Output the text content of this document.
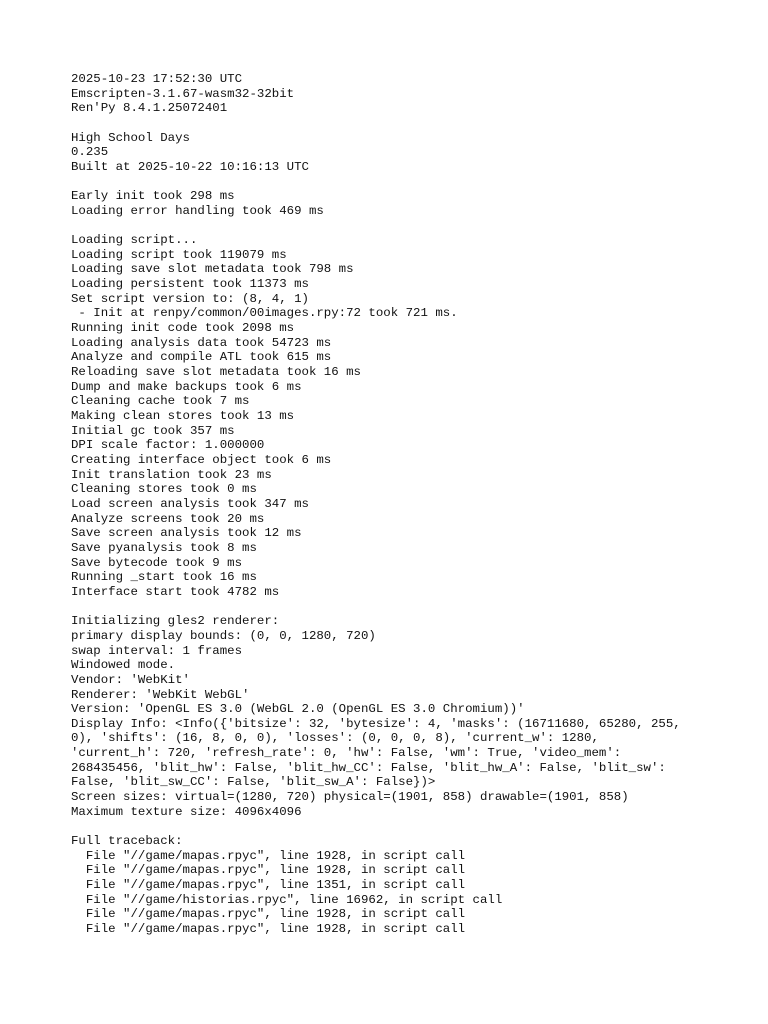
2025-10-23 17:52:30 UTC
Emscripten-3.1.67-wasm32-32bit
Ren'Py 8.4.1.25072401
High School Days
0.235
Built at 2025-10-22 10:16:13 UTC
Early init took 298 ms
Loading error handling took 469 ms
Loading script...
Loading script took 119079 ms
Loading save slot metadata took 798 ms
Loading persistent took 11373 ms
Set script version to: (8, 4, 1)
- Init at renpy/common/00images.rpy:72 took 721 ms.
Running init code took 2098 ms
Loading analysis data took 54723 ms
Analyze and compile ATL took 615 ms
Reloading save slot metadata took 16 ms
Dump and make backups took 6 ms
Cleaning cache took 7 ms
Making clean stores took 13 ms
Initial gc took 357 ms
DPI scale factor: 1.000000
Creating interface object took 6 ms
Init translation took 23 ms
Cleaning stores took 0 ms
Load screen analysis took 347 ms
Analyze screens took 20 ms
Save screen analysis took 12 ms
Save pyanalysis took 8 ms
Save bytecode took 9 ms
Running _start took 16 ms
Interface start took 4782 ms
Initializing gles2 renderer:
primary display bounds: (0, 0, 1280, 720)
swap interval: 1 frames
Windowed mode.
Vendor: 'WebKit'
Renderer: 'WebKit WebGL'
Version: 'OpenGL ES 3.0 (WebGL 2.0 (OpenGL ES 3.0 Chromium))'
Display Info: <Info({'bitsize': 32, 'bytesize': 4, 'masks': (16711680, 65280, 255,
0), 'shifts': (16, 8, 0, 0), 'losses': (0, 0, 0, 8), 'current_w': 1280,
'current_h': 720, 'refresh_rate': 0, 'hw': False, 'wm': True, 'video_mem':
268435456, 'blit_hw': False, 'blit_hw_CC': False, 'blit_hw_A': False, 'blit_sw':
False, 'blit_sw_CC': False, 'blit_sw_A': False})>
Screen sizes: virtual=(1280, 720) physical=(1901, 858) drawable=(1901, 858)
Maximum texture size: 4096x4096
Full traceback:
File "//game/mapas.rpyc", line 1928, in script call
File "//game/mapas.rpyc", line 1928, in script call
File "//game/mapas.rpyc", line 1351, in script call
File "//game/historias.rpyc", line 16962, in script call
File "//game/mapas.rpyc", line 1928, in script call
File "//game/mapas.rpyc", line 1928, in script call
